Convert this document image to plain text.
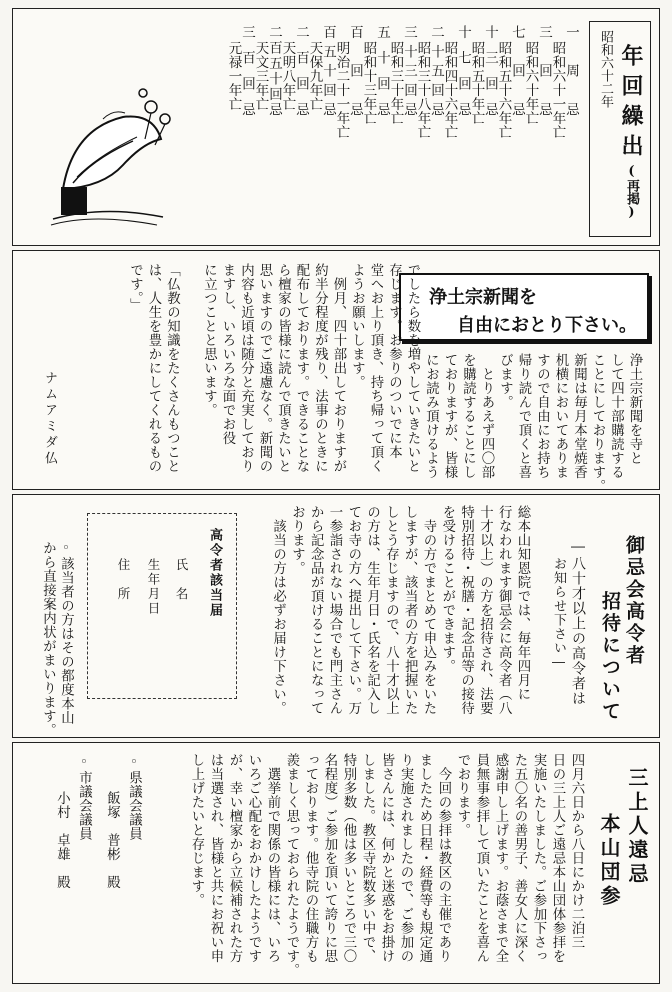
昭和六十二年 年回繰出(再掲)
一　周　忌
昭和六十一年亡
三　回　忌
昭和六十年亡
七　回　忌
昭和五十六年亡
十三回忌
昭和五十年亡
十七回忌
昭和四十六年亡
二十五回忌
昭和三十八年亡
三十三回忌
昭和三十年亡
五十回忌
昭和十三年亡
百　回　忌
明治二十一年亡
百五十回忌
天保九年亡
二百回忌
天明八年亡
二百五十回忌
天文三年亡
三百回忌
元禄一年亡
浄土宗新聞を
自由におとり下さい。
浄土宗新聞を寺と
して四十部購読する
ことにしております。
新聞は毎月本堂焼香
机横においてありま
すので自由にお持ち
帰り読んで頂くと喜
びます。
　とりあえず四〇部
を購読することにし
ておりますが、皆様
にお読み頂けるよう
でしたら数を増やしていきたいと
存じます。お参りのついでに本
堂へお上り頂き、持ち帰って頂く
ようお願いします。
　例月、四十部出しておりますが
約半分程度が残り、法事のときに
配布しております。できることな
ら檀家の皆様に読んで頂きたいと
思いますのでご遠慮なく。新聞の
内容も近頃は随分と充実しており
ますし、いろいろな面でお役
に立つことと思います。
「仏教の知識をたくさんもつこと
は、人生を豊かにしてくれるもの
です。」
ナムアミダ仏
御忌会高令者
招待について
―八十才以上の高令者は
お知らせ下さい―
総本山知恩院では、毎年四月に
行なわれます御忌会に高令者（八
十才以上）の方を招待され、法要
特別招待・祝膳・記念品等の接待
を受けることができます。
　寺の方でまとめて申込みをいた
しますが、該当者の方を把握いた
しとう存じますので、八十才以上
の方は、生年月日・氏名を記入し
てお寺の方へ提出して下さい。万
一参詣されない場合でも門主さん
から記念品が頂けることになって
おります。
　該当の方は必ずお届け下さい。
高令者該当届
氏　名
生年月日
住　所
◦該当者の方はその都度本山
から直接案内状がまいります。
三上人遠忌
本山団参
四月六日から八日にかけ二泊三
日の三上人ご遠忌本山団体参拝を
実施いたしました。ご参加下さっ
た五〇名の善男子、善女人に深く
感謝申し上げます。お蔭さまで全
員無事参拝して頂いたことを喜ん
でおります。
　今回の参拝は教区の主催であり
ましたため日程・経費等も規定通
り実施されましたので、ご参加の
皆さんには、何かと迷惑をお掛け
しました。教区寺院数多い中で、
特別多数（他は多いところで三〇
名程度）ご参加を頂いて誇りに思
っております。他寺院の住職方も
羨ましく思っておられたようです。
　選挙前で関係の皆様には、いろ
いろご心配をおかけしたようです
が、幸い檀家から立候補された方
は当選され、皆様と共にお祝い申
し上げたいと存じます。
◦県議会議員
飯塚　普彬　殿
◦市議会議員
小村　卓雄　殿
